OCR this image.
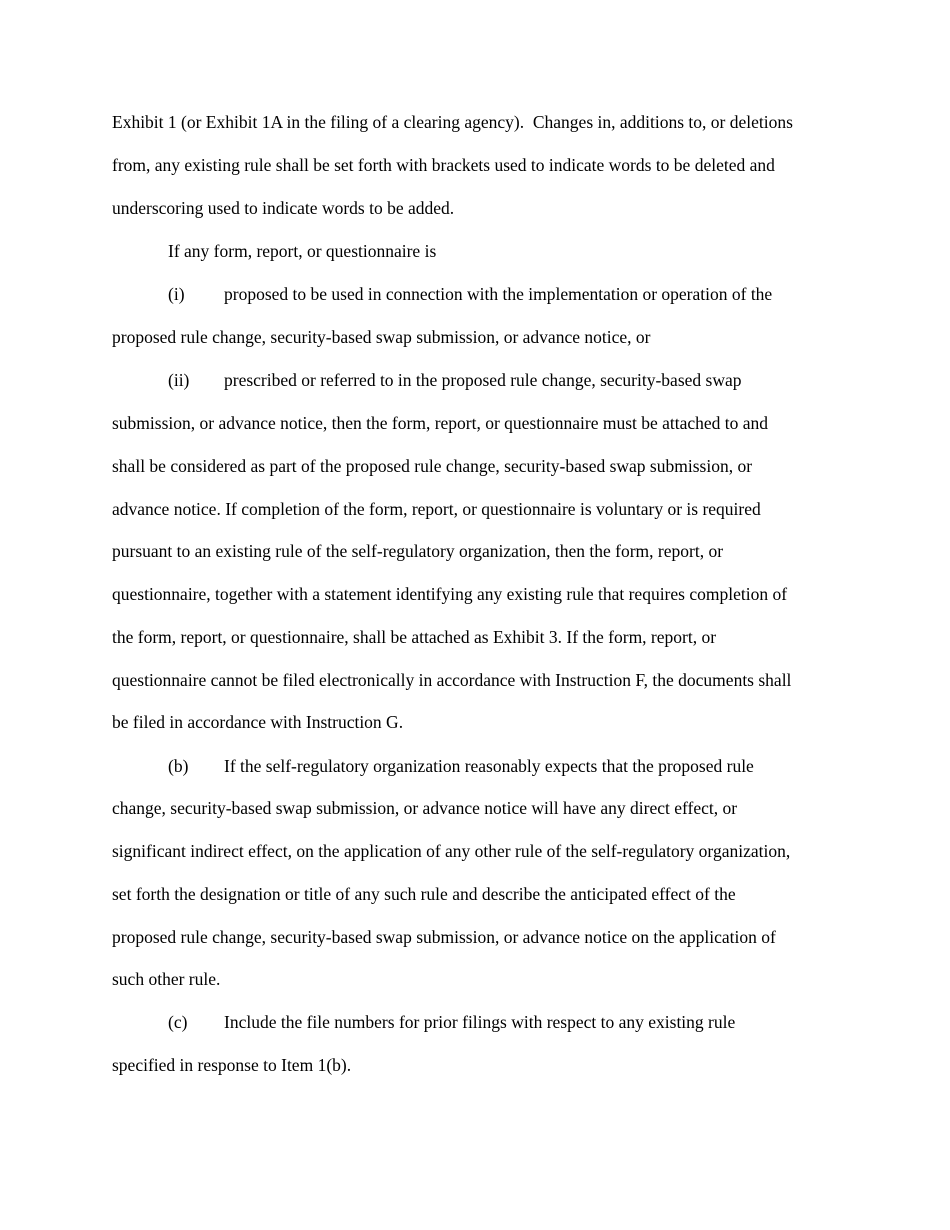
Exhibit 1 (or Exhibit 1A in the filing of a clearing agency).  Changes in, additions to, or deletions

from, any existing rule shall be set forth with brackets used to indicate words to be deleted and

underscoring used to indicate words to be added.

If any form, report, or questionnaire is

(i) proposed to be used in connection with the implementation or operation of the

proposed rule change, security-based swap submission, or advance notice, or

(ii) prescribed or referred to in the proposed rule change, security-based swap

submission, or advance notice, then the form, report, or questionnaire must be attached to and

shall be considered as part of the proposed rule change, security-based swap submission, or

advance notice. If completion of the form, report, or questionnaire is voluntary or is required

pursuant to an existing rule of the self-regulatory organization, then the form, report, or

questionnaire, together with a statement identifying any existing rule that requires completion of

the form, report, or questionnaire, shall be attached as Exhibit 3. If the form, report, or

questionnaire cannot be filed electronically in accordance with Instruction F, the documents shall

be filed in accordance with Instruction G.

(b) If the self-regulatory organization reasonably expects that the proposed rule

change, security-based swap submission, or advance notice will have any direct effect, or

significant indirect effect, on the application of any other rule of the self-regulatory organization,

set forth the designation or title of any such rule and describe the anticipated effect of the

proposed rule change, security-based swap submission, or advance notice on the application of

such other rule.

(c) Include the file numbers for prior filings with respect to any existing rule

specified in response to Item 1(b).
